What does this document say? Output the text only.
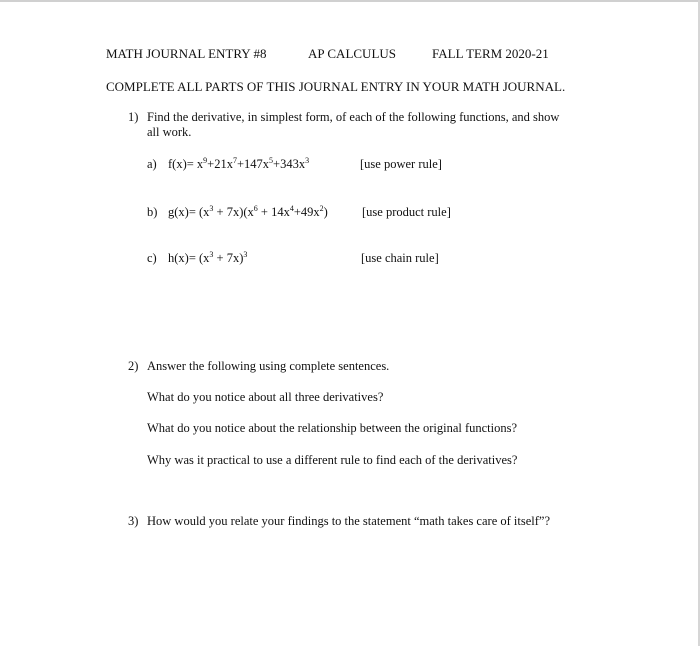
MATH JOURNAL ENTRY #8	AP CALCULUS	FALL TERM 2020-21
COMPLETE ALL PARTS OF THIS JOURNAL ENTRY IN YOUR MATH JOURNAL.
1) Find the derivative, in simplest form, of each of the following functions, and show
all work.
a) $f(x)= x^9+21x^7+147x^5+343x^3$	[use power rule]
b) $g(x)= (x^3 + 7x)(x^6 + 14x^4+49x^2)$	[use product rule]
c) $h(x)= (x^3 + 7x)^3$	[use chain rule]
2) Answer the following using complete sentences.
What do you notice about all three derivatives?
What do you notice about the relationship between the original functions?
Why was it practical to use a different rule to find each of the derivatives?
3) How would you relate your findings to the statement “math takes care of itself”?
